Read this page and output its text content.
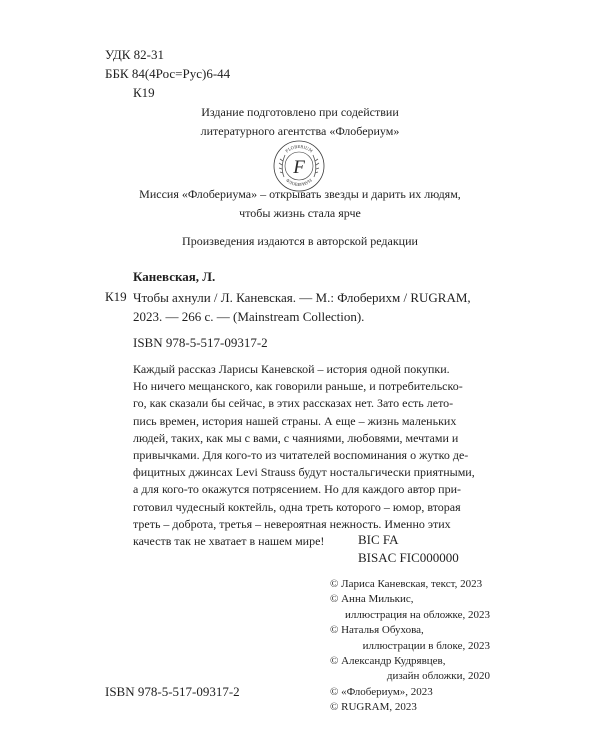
УДК 82-31
ББК 84(4Рос=Рус)6-44
К19
Издание подготовлено при содействии
литературного агентства «Флобериум»
FLOBERIUM
ФЛОБЕРИУМ
F
Миссия «Флобериума» – открывать звезды и дарить их людям,
чтобы жизнь стала ярче
Произведения издаются в авторской редакции
Каневская, Л.
К19 Чтобы ахнули / Л. Каневская. — М.: Флоберихм / RUGRAM,
2023. — 266 с. — (Mainstream Collection).
ISBN 978-5-517-09317-2
Каждый рассказ Ларисы Каневской – история одной покупки.
Но ничего мещанского, как говорили раньше, и потребительско-
го, как сказали бы сейчас, в этих рассказах нет. Зато есть лето-
пись времен, история нашей страны. А еще – жизнь маленьких
людей, таких, как мы с вами, с чаяниями, любовями, мечтами и
привычками. Для кого-то из читателей воспоминания о жутко де-
фицитных джинсах Levi Strauss будут ностальгически приятными,
а для кого-то окажутся потрясением. Но для каждого автор при-
готовил чудесный коктейль, одна треть которого – юмор, вторая
треть – доброта, третья – невероятная нежность. Именно этих
качеств так не хватает в нашем мире!	BIC FA
BISAC FIC000000
© Лариса Каневская, текст, 2023
© Анна Милькис,
иллюстрация на обложке, 2023
© Наталья Обухова,
иллюстрации в блоке, 2023
© Александр Кудрявцев,
дизайн обложки, 2020
© «Флобериум», 2023
© RUGRAM, 2023
ISBN 978-5-517-09317-2
